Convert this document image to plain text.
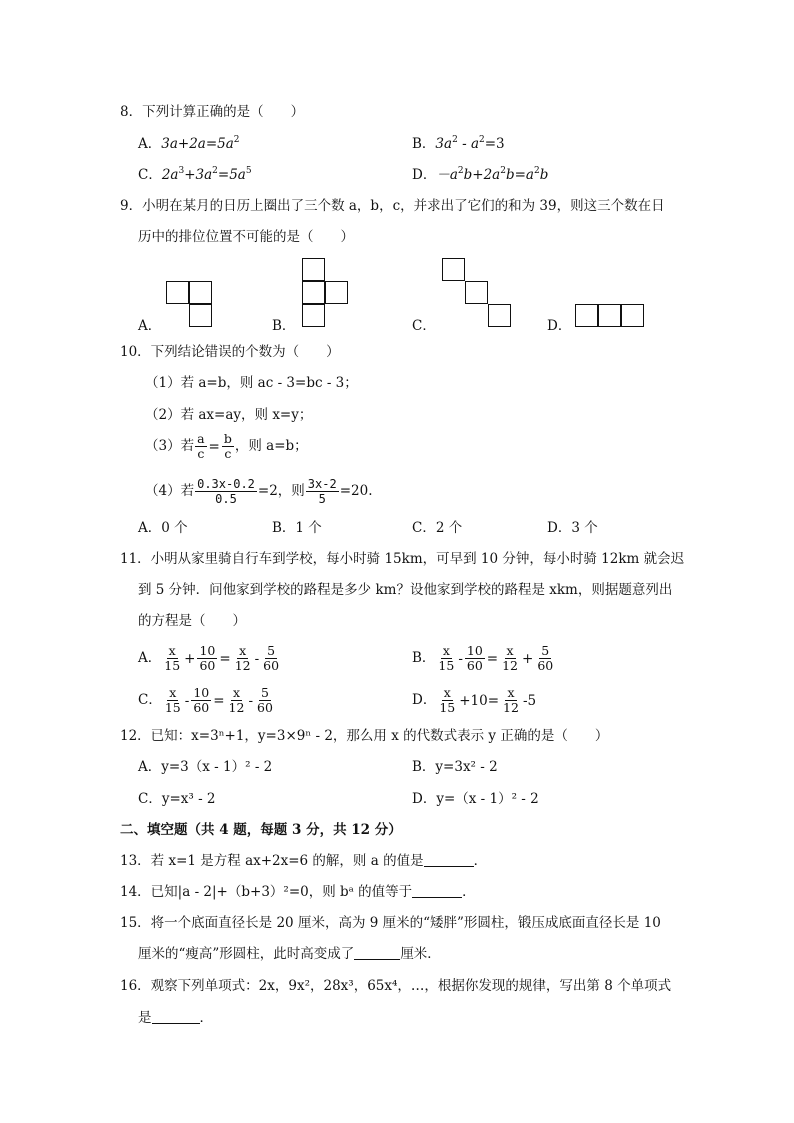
8．下列计算正确的是（　　）
A．$3a+2a=5a^2$	B．$3a^2 - a^2=3$
C．$2a^3+3a^2=5a^5$	D．$-a^2b+2a^2b=a^2b$
9．小明在某月的日历上圈出了三个数 a，b，c，并求出了它们的和为 39，则这三个数在日
历中的排位位置不可能的是（　　）
A．	B．	C．	D．
10．下列结论错误的个数为（　　）
（1）若 a=b，则 ac - 3=bc - 3；
（2）若 ax=ay，则 x=y；
（3）若 $\frac{a}{c} = \frac{b}{c}$ ，则 a=b；
（4）若 $\frac{0.3x-0.2}{0.5} =2$，则 $\frac{3x-2}{5} =20$.
A．0 个	B．1 个	C．2 个	D．3 个
11．小明从家里骑自行车到学校，每小时骑 15km，可早到 10 分钟，每小时骑 12km 就会迟
到 5 分钟．问他家到学校的路程是多少 km？设他家到学校的路程是 xkm，则据题意列出
的方程是（　　）
A． $\frac{x}{15} + \frac{10}{60} = \frac{x}{12} - \frac{5}{60}$	B． $\frac{x}{15} - \frac{10}{60} = \frac{x}{12} + \frac{5}{60}$
C． $\frac{x}{15} - \frac{10}{60} = \frac{x}{12} - \frac{5}{60}$	D． $\frac{x}{15} +10= \frac{x}{12} -5$
12．已知：x=3ⁿ+1，y=3×9ⁿ - 2，那么用 x 的代数式表示 y 正确的是（　　）
A．y=3（x - 1）² - 2	B．y=3x² - 2
C．y=x³ - 2	D．y=（x - 1）² - 2
二、填空题（共 4 题，每题 3 分，共 12 分）
13．若 x=1 是方程 ax+2x=6 的解，则 a 的值是	．
14．已知|a - 2|+（b+3）²=0，则 bᵃ 的值等于	．
15．将一个底面直径长是 20 厘米，高为 9 厘米的“矮胖”形圆柱，锻压成底面直径长是 10
厘米的“瘦高”形圆柱，此时高变成了	厘米．
16．观察下列单项式：2x，9x²，28x³，65x⁴，…，根据你发现的规律，写出第 8 个单项式
是	．
